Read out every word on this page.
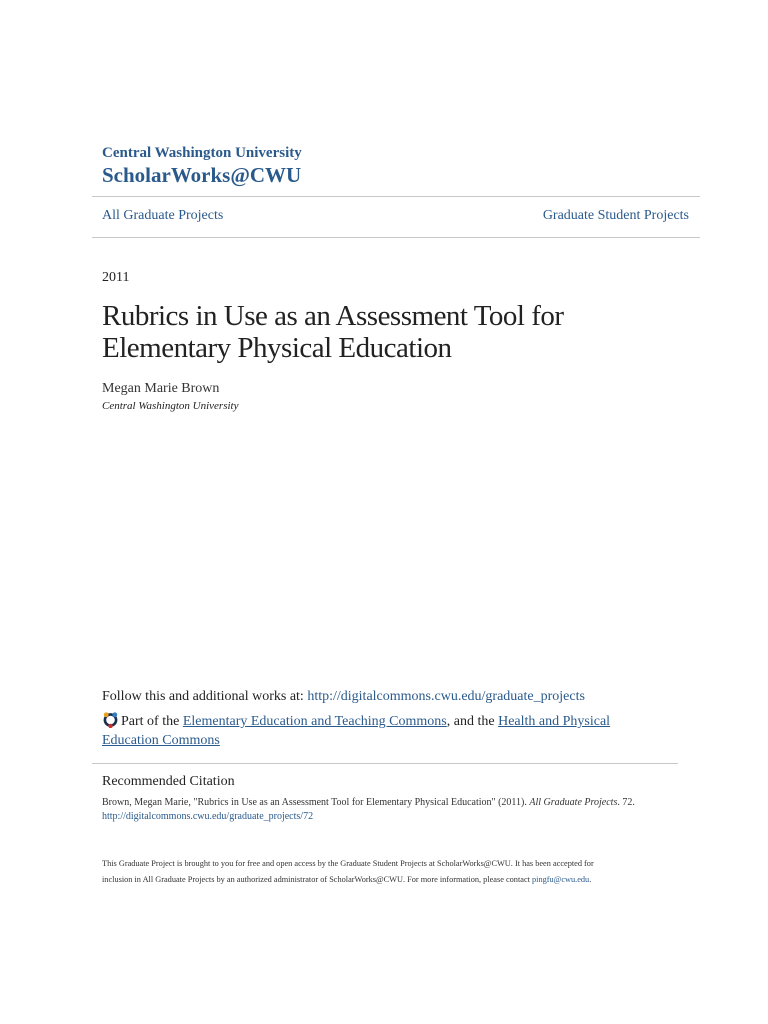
Central Washington University
ScholarWorks@CWU
All Graduate Projects	Graduate Student Projects
2011
Rubrics in Use as an Assessment Tool for
Elementary Physical Education
Megan Marie Brown
Central Washington University
Follow this and additional works at: http://digitalcommons.cwu.edu/graduate_projects
Part of the Elementary Education and Teaching Commons, and the Health and Physical
Education Commons
Recommended Citation
Brown, Megan Marie, "Rubrics in Use as an Assessment Tool for Elementary Physical Education" (2011). All Graduate Projects. 72.
http://digitalcommons.cwu.edu/graduate_projects/72
This Graduate Project is brought to you for free and open access by the Graduate Student Projects at ScholarWorks@CWU. It has been accepted for
inclusion in All Graduate Projects by an authorized administrator of ScholarWorks@CWU. For more information, please contact pingfu@cwu.edu.
